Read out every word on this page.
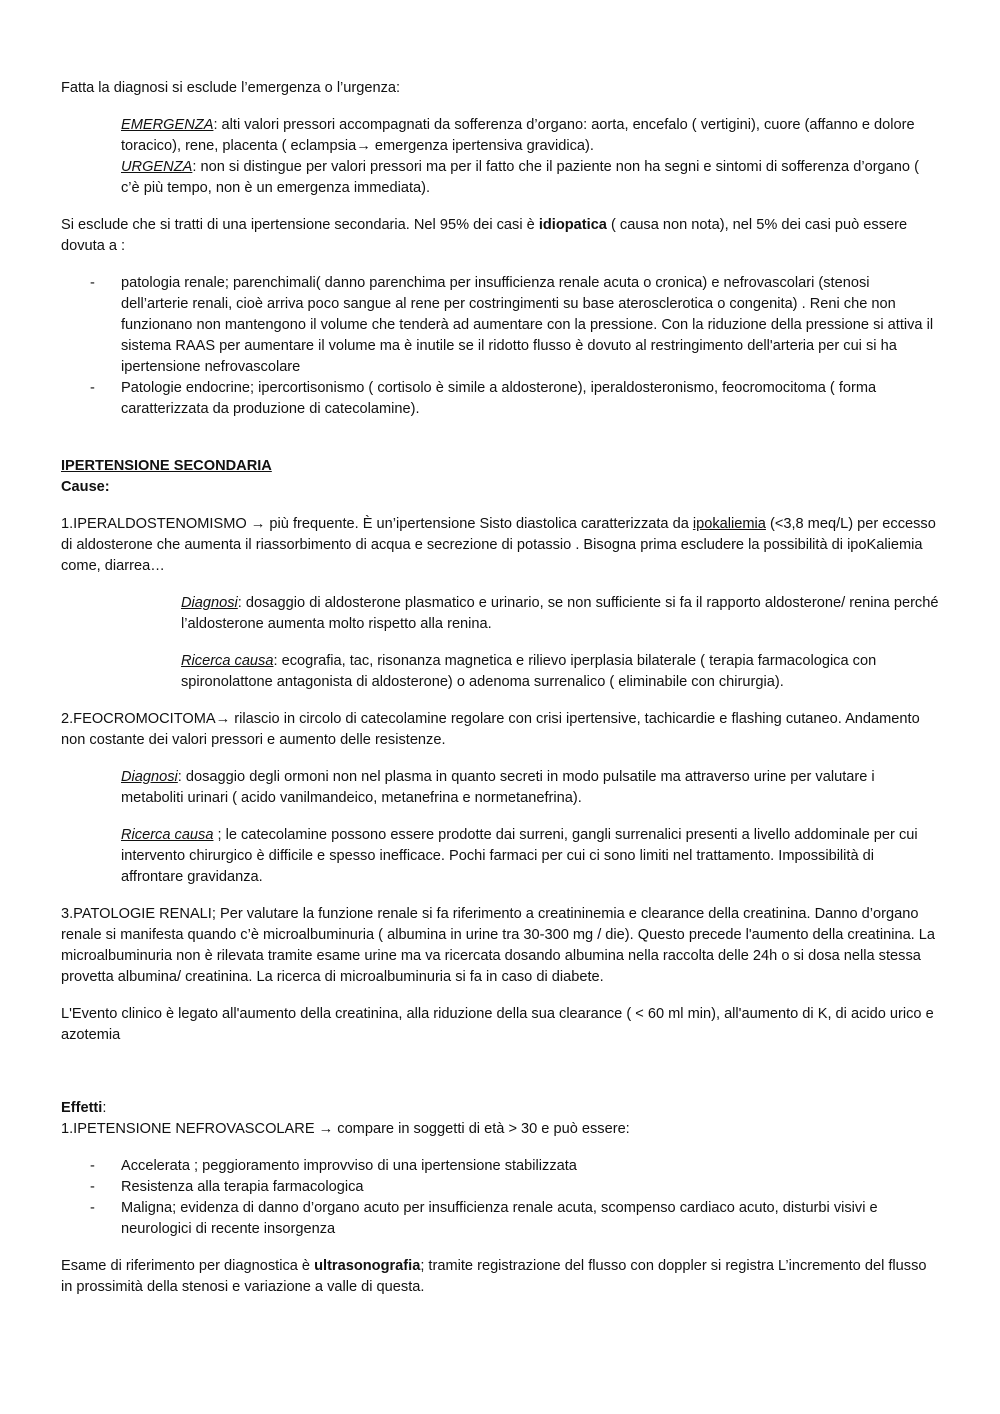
Fatta la diagnosi si esclude l’emergenza o l’urgenza:

EMERGENZA: alti valori pressori accompagnati da sofferenza d’organo: aorta, encefalo ( vertigini), cuore (affanno e dolore toracico), rene, placenta ( eclampsia→ emergenza ipertensiva gravidica).

URGENZA: non si distingue per valori pressori ma per il fatto che il paziente non ha segni e sintomi di sofferenza d’organo ( c’è più tempo, non è un emergenza immediata).

Si esclude che si tratti di una ipertensione secondaria. Nel 95% dei casi è idiopatica ( causa non nota), nel 5% dei casi può essere dovuta a :

- patologia renale; parenchimali( danno parenchima per insufficienza renale acuta o cronica) e nefrovascolari (stenosi dell’arterie renali, cioè arriva poco sangue al rene per costringimenti su base aterosclerotica o congenita) . Reni che non funzionano non mantengono il volume che tenderà ad aumentare con la pressione. Con la riduzione della pressione si attiva il sistema RAAS per aumentare il volume ma è inutile se il ridotto flusso è dovuto al restringimento dell'arteria per cui si ha ipertensione nefrovascolare
- Patologie endocrine; ipercortisonismo ( cortisolo è simile a aldosterone), iperaldosteronismo, feocromocitoma ( forma caratterizzata da produzione di catecolamine).

IPERTENSIONE SECONDARIA

Cause:

1.IPERALDOSTENOMISMO → più frequente. È un’ipertensione Sisto diastolica caratterizzata da ipokaliemia (<3,8 meq/L) per eccesso di aldosterone che aumenta il riassorbimento di acqua e secrezione di potassio . Bisogna prima escludere la possibilità di ipoKaliemia come, diarrea…

Diagnosi: dosaggio di aldosterone plasmatico e urinario, se non sufficiente si fa il rapporto aldosterone/ renina perché l’aldosterone aumenta molto rispetto alla renina.

Ricerca causa: ecografia, tac, risonanza magnetica e rilievo iperplasia bilaterale ( terapia farmacologica con spironolattone antagonista di aldosterone) o adenoma surrenalico ( eliminabile con chirurgia).

2.FEOCROMOCITOMA→ rilascio in circolo di catecolamine regolare con crisi ipertensive, tachicardie e flashing cutaneo. Andamento non costante dei valori pressori e aumento delle resistenze.

Diagnosi: dosaggio degli ormoni non nel plasma in quanto secreti in modo pulsatile ma attraverso urine per valutare i metaboliti urinari ( acido vanilmandeico, metanefrina e normetanefrina).

Ricerca causa ; le catecolamine possono essere prodotte dai surreni, gangli surrenalici presenti a livello addominale per cui intervento chirurgico è difficile e spesso inefficace. Pochi farmaci per cui ci sono limiti nel trattamento. Impossibilità di affrontare gravidanza.

3.PATOLOGIE RENALI; Per valutare la funzione renale si fa riferimento a creatininemia e clearance della creatinina. Danno d’organo renale si manifesta quando c’è microalbuminuria ( albumina in urine tra 30-300 mg / die). Questo precede l'aumento della creatinina. La microalbuminuria non è rilevata tramite esame urine ma va ricercata dosando albumina nella raccolta delle 24h o si dosa nella stessa provetta albumina/ creatinina. La ricerca di microalbuminuria si fa in caso di diabete.

L'Evento clinico è legato all'aumento della creatinina, alla riduzione della sua clearance ( < 60 ml min), all'aumento di K, di acido urico e azotemia

Effetti:

1.IPETENSIONE NEFROVASCOLARE → compare in soggetti di età > 30 e può essere:

- Accelerata ; peggioramento improvviso di una ipertensione stabilizzata
- Resistenza alla terapia farmacologica
- Maligna; evidenza di danno d’organo acuto per insufficienza renale acuta, scompenso cardiaco acuto, disturbi visivi e neurologici di recente insorgenza

Esame di riferimento per diagnostica è ultrasonografia; tramite registrazione del flusso con doppler si registra L’incremento del flusso in prossimità della stenosi e variazione a valle di questa.
